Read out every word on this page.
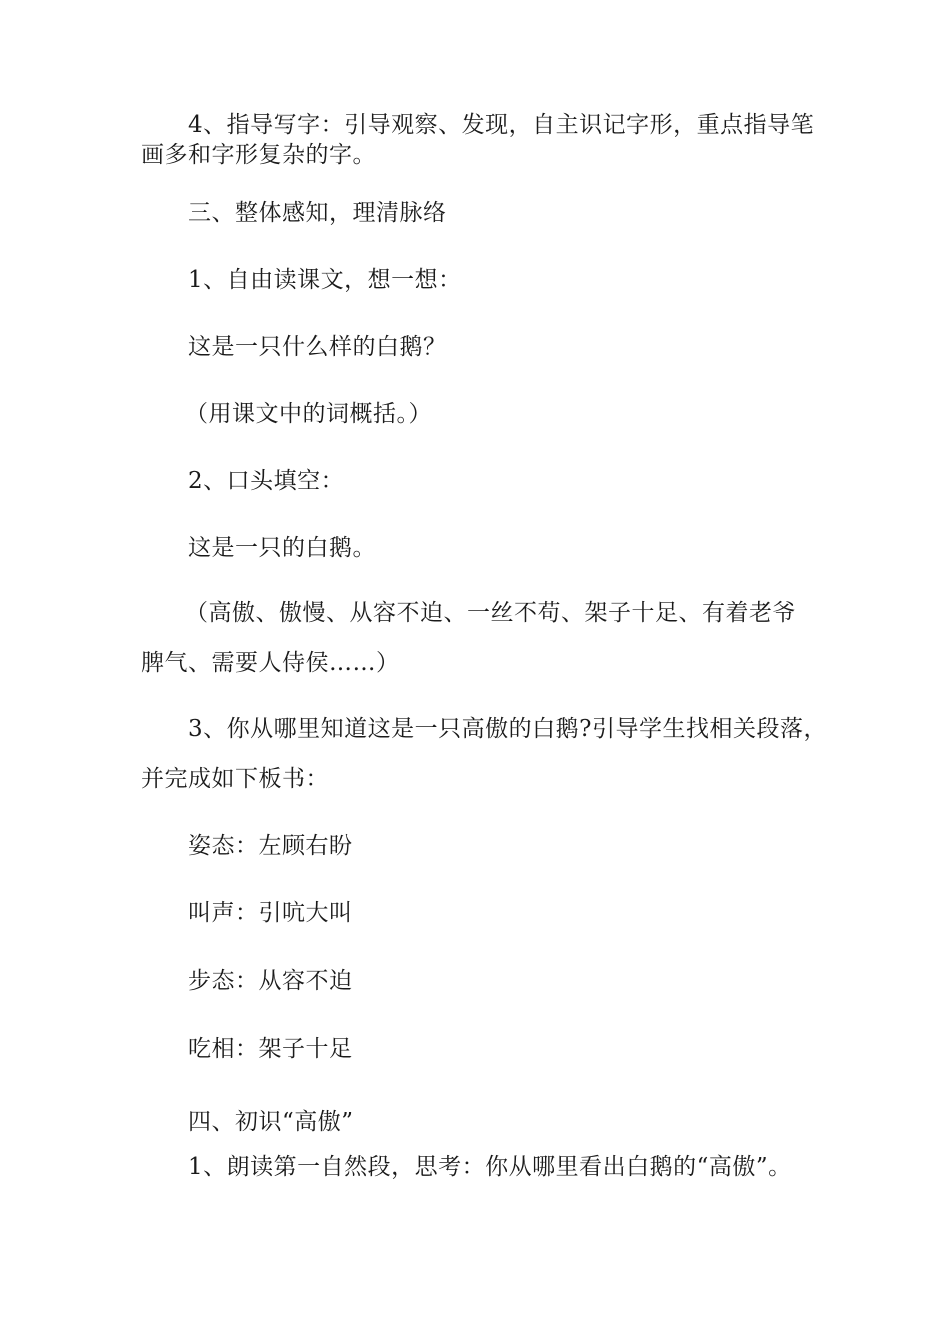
4、指导写字：引导观察、发现，自主识记字形，重点指导笔
画多和字形复杂的字。
三、整体感知，理清脉络
1、自由读课文，想一想：
这是一只什么样的白鹅？
（用课文中的词概括。）
2、口头填空：
这是一只的白鹅。
（高傲、傲慢、从容不迫、一丝不苟、架子十足、有着老爷
脾气、需要人侍侯……）
3、你从哪里知道这是一只高傲的白鹅?引导学生找相关段落，
并完成如下板书：
姿态：左顾右盼
叫声：引吭大叫
步态：从容不迫
吃相：架子十足
四、初识“高傲”
1、朗读第一自然段，思考：你从哪里看出白鹅的“高傲”。
